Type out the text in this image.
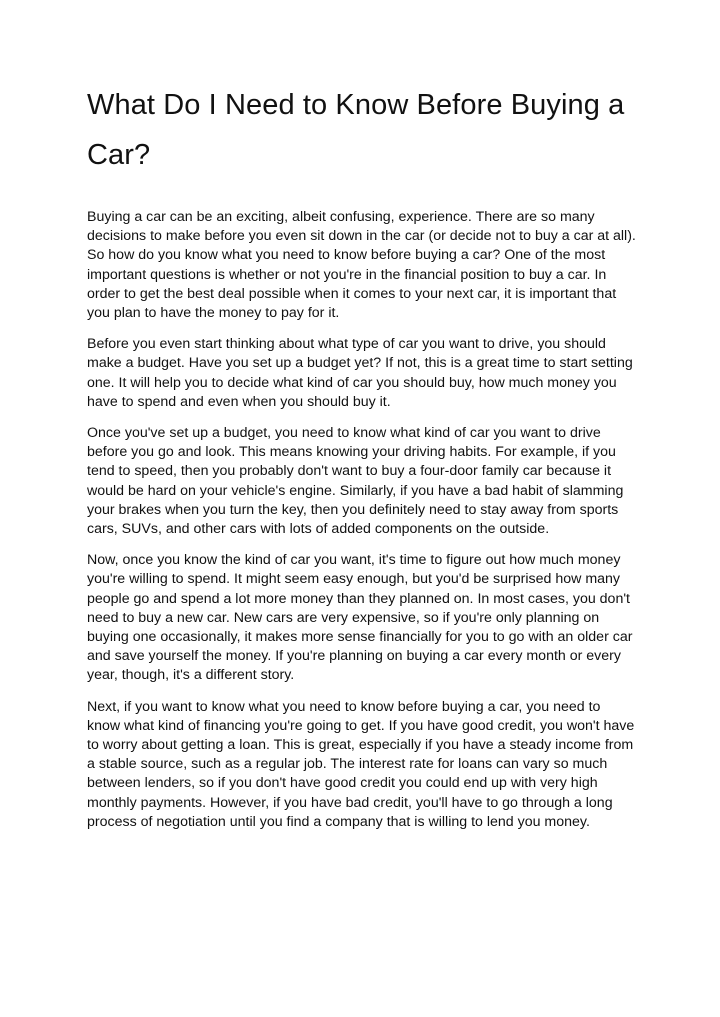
What Do I Need to Know Before Buying a Car?

Buying a car can be an exciting, albeit confusing, experience. There are so many decisions to make before you even sit down in the car (or decide not to buy a car at all). So how do you know what you need to know before buying a car? One of the most important questions is whether or not you're in the financial position to buy a car. In order to get the best deal possible when it comes to your next car, it is important that you plan to have the money to pay for it.

Before you even start thinking about what type of car you want to drive, you should make a budget. Have you set up a budget yet? If not, this is a great time to start setting one. It will help you to decide what kind of car you should buy, how much money you have to spend and even when you should buy it.

Once you've set up a budget, you need to know what kind of car you want to drive before you go and look. This means knowing your driving habits. For example, if you tend to speed, then you probably don't want to buy a four-door family car because it would be hard on your vehicle's engine. Similarly, if you have a bad habit of slamming your brakes when you turn the key, then you definitely need to stay away from sports cars, SUVs, and other cars with lots of added components on the outside.

Now, once you know the kind of car you want, it's time to figure out how much money you're willing to spend. It might seem easy enough, but you'd be surprised how many people go and spend a lot more money than they planned on. In most cases, you don't need to buy a new car. New cars are very expensive, so if you're only planning on buying one occasionally, it makes more sense financially for you to go with an older car and save yourself the money. If you're planning on buying a car every month or every year, though, it's a different story.

Next, if you want to know what you need to know before buying a car, you need to know what kind of financing you're going to get. If you have good credit, you won't have to worry about getting a loan. This is great, especially if you have a steady income from a stable source, such as a regular job. The interest rate for loans can vary so much between lenders, so if you don't have good credit you could end up with very high monthly payments. However, if you have bad credit, you'll have to go through a long process of negotiation until you find a company that is willing to lend you money.
